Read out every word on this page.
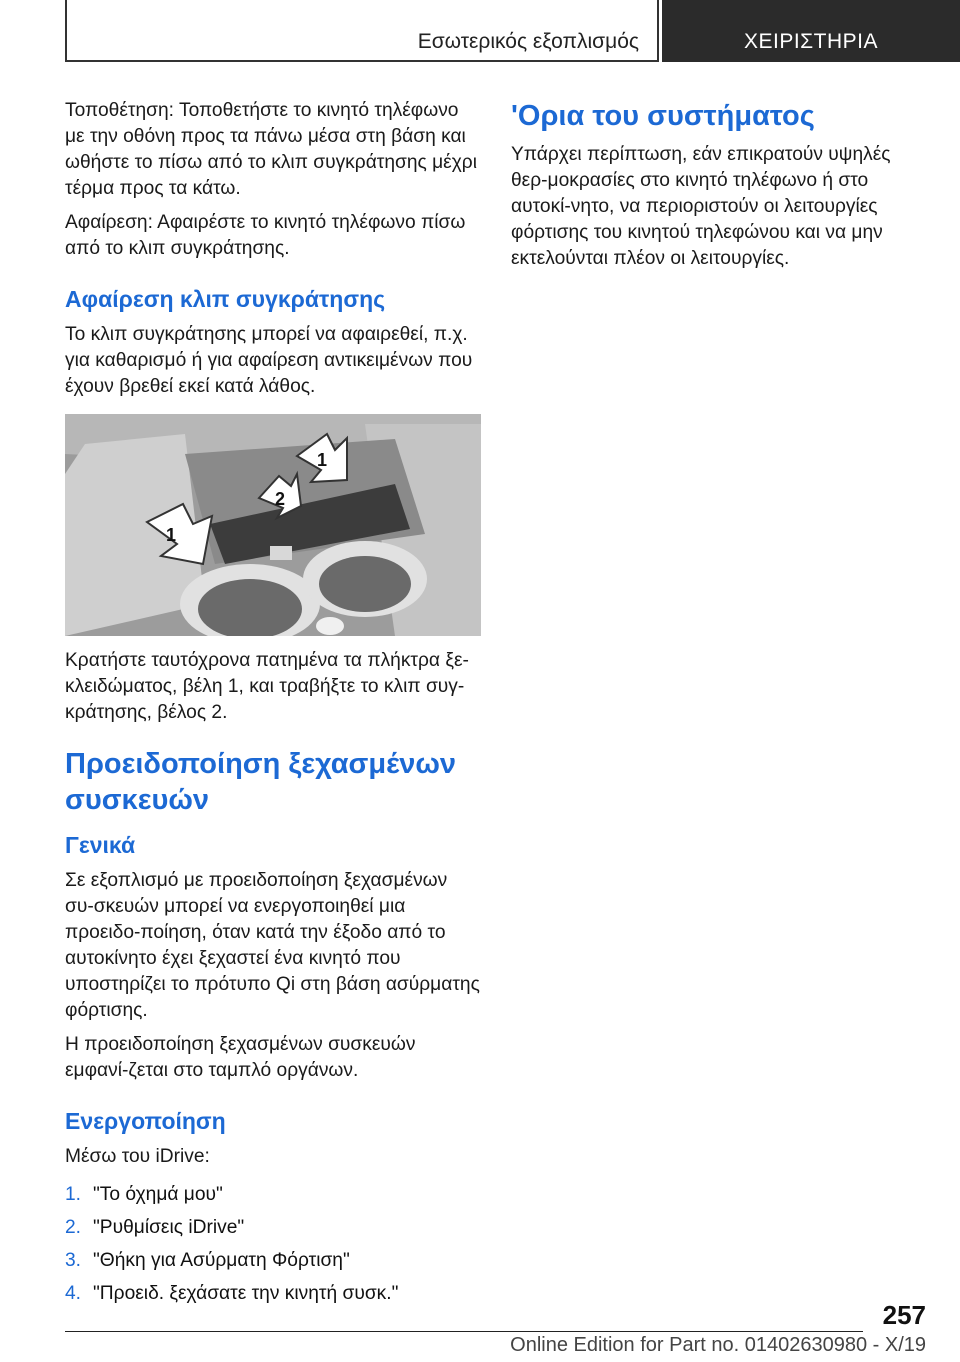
Εσωτερικός εξοπλισμός	ΧΕΙΡΙΣΤΗΡΙΑ

Τοποθέτηση: Τοποθετήστε το κινητό τηλέφωνο με την οθόνη προς τα πάνω μέσα στη βάση και ωθήστε το πίσω από το κλιπ συγκράτησης μέχρι τέρμα προς τα κάτω.

Αφαίρεση: Αφαιρέστε το κινητό τηλέφωνο πίσω από το κλιπ συγκράτησης.

Αφαίρεση κλιπ συγκράτησης

Το κλιπ συγκράτησης μπορεί να αφαιρεθεί, π.χ. για καθαρισμό ή για αφαίρεση αντικειμένων που έχουν βρεθεί εκεί κατά λάθος.

1
2
1

Κρατήστε ταυτόχρονα πατημένα τα πλήκτρα ξε-κλειδώματος, βέλη 1, και τραβήξτε το κλιπ συγ-κράτησης, βέλος 2.

Προειδοποίηση ξεχασμένων συσκευών
Γενικά

Σε εξοπλισμό με προειδοποίηση ξεχασμένων συ-σκευών μπορεί να ενεργοποιηθεί μια προειδο-ποίηση, όταν κατά την έξοδο από το αυτοκίνητο έχει ξεχαστεί ένα κινητό που υποστηρίζει το πρότυπο Qi στη βάση ασύρματης φόρτισης.

Η προειδοποίηση ξεχασμένων συσκευών εμφανί-ζεται στο ταμπλό οργάνων.

Ενεργοποίηση

Μέσω του iDrive:

1. "Το όχημά μου"
2. "Ρυθμίσεις iDrive"
3. "Θήκη για Ασύρματη Φόρτιση"
4. "Προειδ. ξεχάσατε την κινητή συσκ."
'Ορια του συστήματος

Υπάρχει περίπτωση, εάν επικρατούν υψηλές θερ-μοκρασίες στο κινητό τηλέφωνο ή στο αυτοκί-νητο, να περιοριστούν οι λειτουργίες φόρτισης του κινητού τηλεφώνου και να μην εκτελούνται πλέον οι λειτουργίες.

257
Online Edition for Part no. 01402630980 - X/19
